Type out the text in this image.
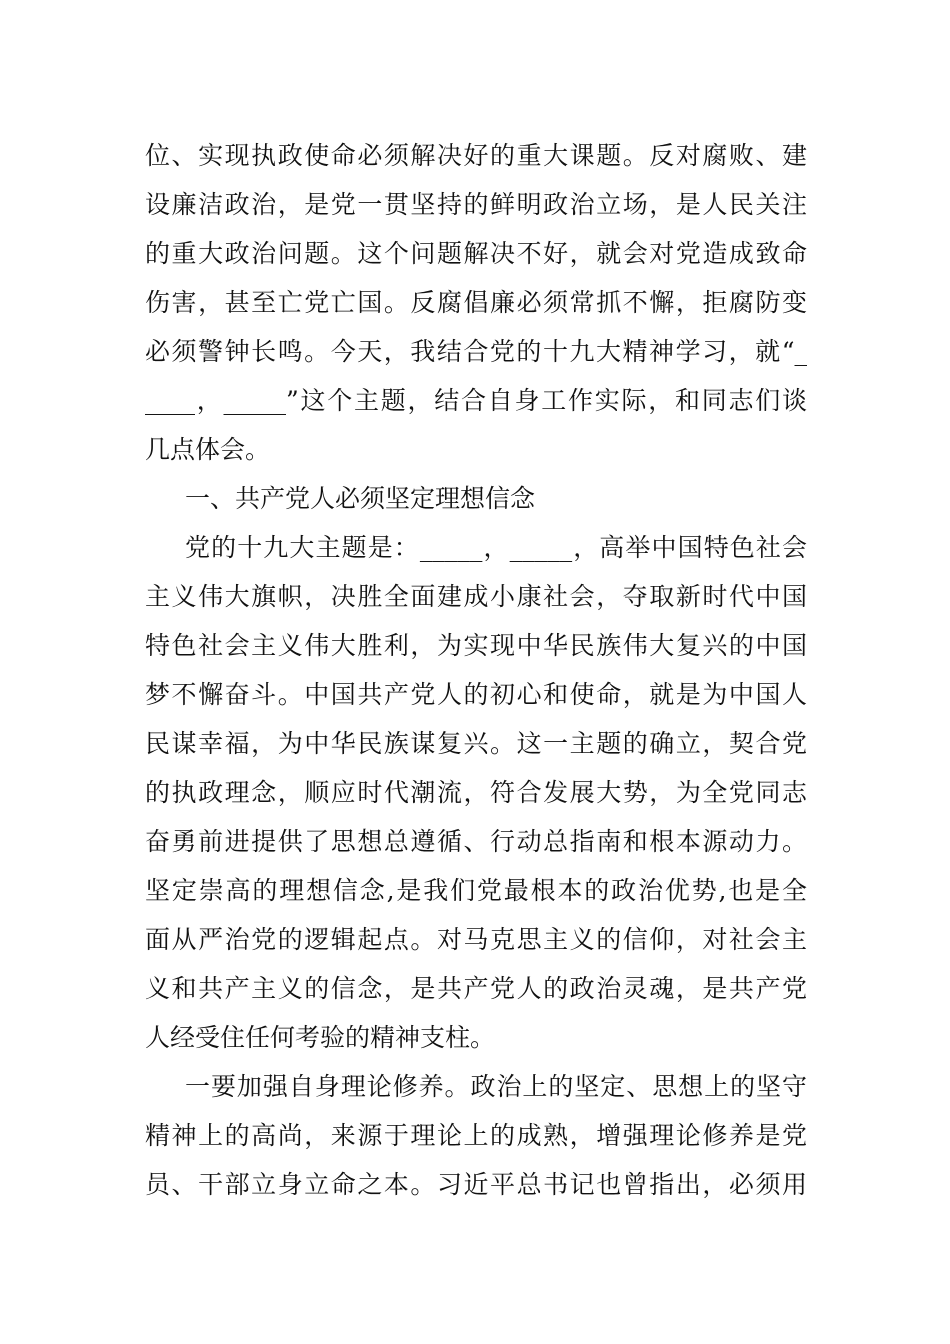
位、实现执政使命必须解决好的重大课题。反对腐败、建
设廉洁政治，是党一贯坚持的鲜明政治立场，是人民关注
的重大政治问题。这个问题解决不好，就会对党造成致命
伤害，甚至亡党亡国。反腐倡廉必须常抓不懈，拒腐防变
必须警钟长鸣。今天，我结合党的十九大精神学习，就“_
____，_____”这个主题，结合自身工作实际，和同志们谈
几点体会。
一、共产党人必须坚定理想信念
党的十九大主题是：_____，_____，高举中国特色社会
主义伟大旗帜，决胜全面建成小康社会，夺取新时代中国
特色社会主义伟大胜利，为实现中华民族伟大复兴的中国
梦不懈奋斗。中国共产党人的初心和使命，就是为中国人
民谋幸福，为中华民族谋复兴。这一主题的确立，契合党
的执政理念，顺应时代潮流，符合发展大势，为全党同志
奋勇前进提供了思想总遵循、行动总指南和根本源动力。
坚定崇高的理想信念,是我们党最根本的政治优势,也是全
面从严治党的逻辑起点。对马克思主义的信仰，对社会主
义和共产主义的信念，是共产党人的政治灵魂，是共产党
人经受住任何考验的精神支柱。
一要加强自身理论修养。政治上的坚定、思想上的坚守
精神上的高尚，来源于理论上的成熟，增强理论修养是党
员、干部立身立命之本。习近平总书记也曾指出，必须用
